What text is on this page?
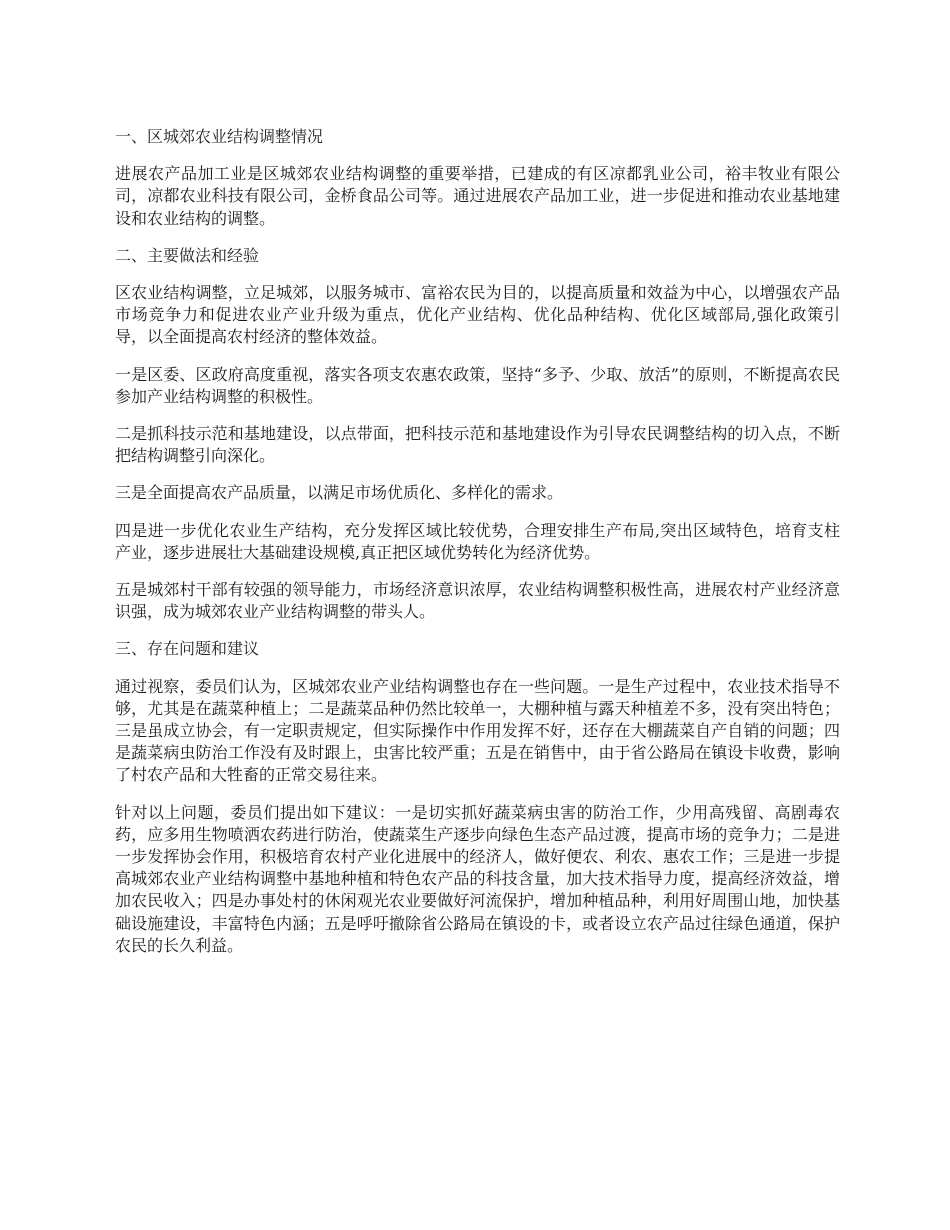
一、区城郊农业结构调整情况

进展农产品加工业是区城郊农业结构调整的重要举措，已建成的有区凉都乳业公司，裕丰牧业有限公司，凉都农业科技有限公司，金桥食品公司等。通过进展农产品加工业，进一步促进和推动农业基地建设和农业结构的调整。

二、主要做法和经验

区农业结构调整，立足城郊，以服务城市、富裕农民为目的，以提高质量和效益为中心，以增强农产品市场竞争力和促进农业产业升级为重点，优化产业结构、优化品种结构、优化区域部局,强化政策引导，以全面提高农村经济的整体效益。

一是区委、区政府高度重视，落实各项支农惠农政策，坚持“多予、少取、放活”的原则，不断提高农民参加产业结构调整的积极性。

二是抓科技示范和基地建设，以点带面，把科技示范和基地建设作为引导农民调整结构的切入点，不断把结构调整引向深化。

三是全面提高农产品质量，以满足市场优质化、多样化的需求。

四是进一步优化农业生产结构，充分发挥区域比较优势，合理安排生产布局,突出区域特色，培育支柱产业，逐步进展壮大基础建设规模,真正把区域优势转化为经济优势。

五是城郊村干部有较强的领导能力，市场经济意识浓厚，农业结构调整积极性高，进展农村产业经济意识强，成为城郊农业产业结构调整的带头人。

三、存在问题和建议

通过视察，委员们认为，区城郊农业产业结构调整也存在一些问题。一是生产过程中，农业技术指导不够，尤其是在蔬菜种植上；二是蔬菜品种仍然比较单一，大棚种植与露天种植差不多，没有突出特色；三是虽成立协会，有一定职责规定，但实际操作中作用发挥不好，还存在大棚蔬菜自产自销的问题；四是蔬菜病虫防治工作没有及时跟上，虫害比较严重；五是在销售中，由于省公路局在镇设卡收费，影响了村农产品和大牲畜的正常交易往来。

针对以上问题，委员们提出如下建议：一是切实抓好蔬菜病虫害的防治工作，少用高残留、高剧毒农药，应多用生物喷洒农药进行防治，使蔬菜生产逐步向绿色生态产品过渡，提高市场的竞争力；二是进一步发挥协会作用，积极培育农村产业化进展中的经济人，做好便农、利农、惠农工作；三是进一步提高城郊农业产业结构调整中基地种植和特色农产品的科技含量，加大技术指导力度，提高经济效益，增加农民收入；四是办事处村的休闲观光农业要做好河流保护，增加种植品种，利用好周围山地，加快基础设施建设，丰富特色内涵；五是呼吁撤除省公路局在镇设的卡，或者设立农产品过往绿色通道，保护农民的长久利益。
